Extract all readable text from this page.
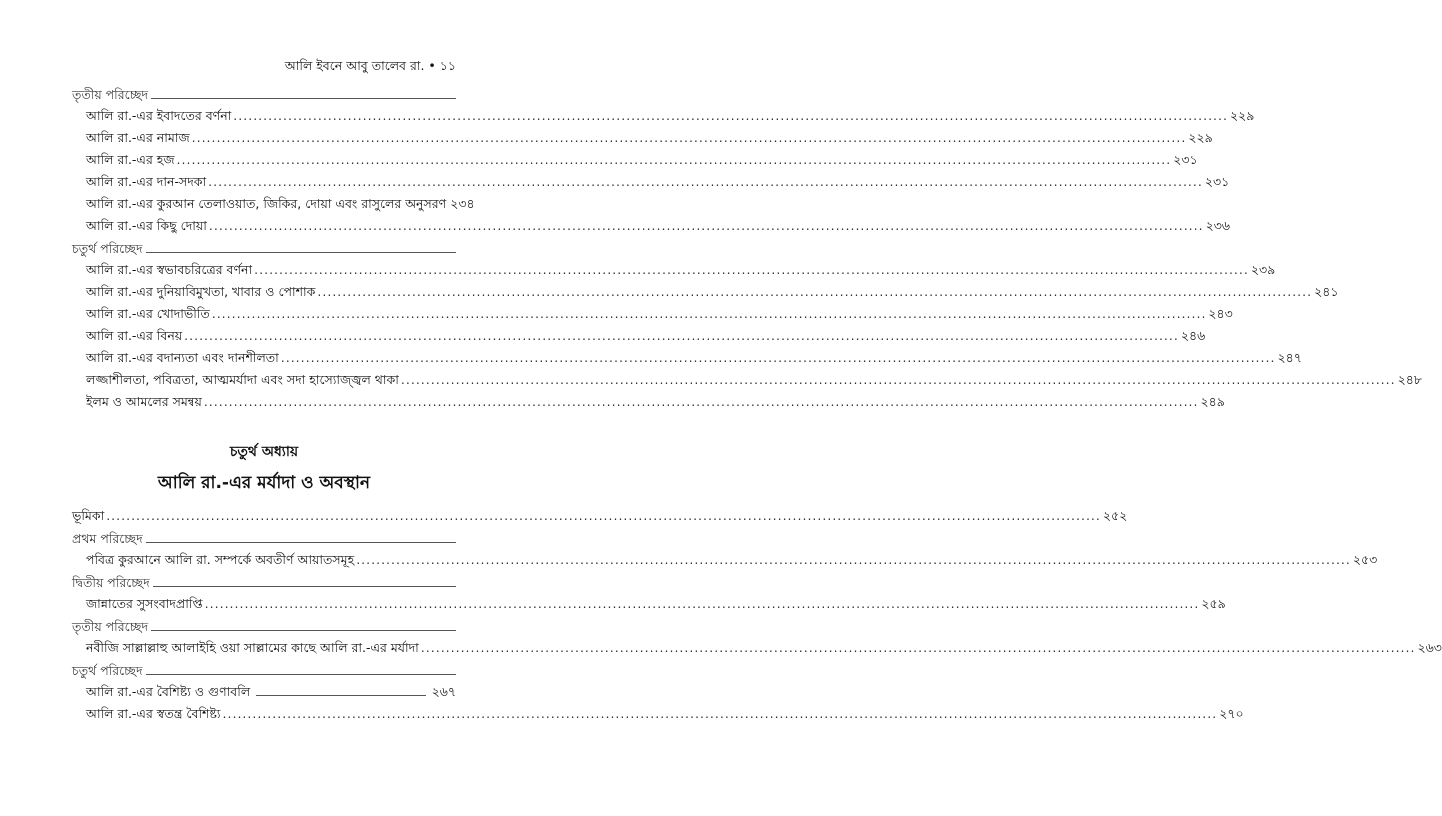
আলি ইবনে আবু তালেব রা. • ১১
তৃতীয় পরিচ্ছেদ
আলি রা.-এর ইবাদতের বর্ণনা ........................................................................................................................................................................................................ ২২৯
আলি রা.-এর নামাজ ........................................................................................................................................................................................................ ২২৯
আলি রা.-এর হজ ........................................................................................................................................................................................................ ২৩১
আলি রা.-এর দান-সদকা ........................................................................................................................................................................................................ ২৩১
আলি রা.-এর কুরআন তেলাওয়াত, জিকির, দোয়া এবং রাসুলের অনুসরণ ২৩৪
আলি রা.-এর কিছু দোয়া ........................................................................................................................................................................................................ ২৩৬
চতুর্থ পরিচ্ছেদ
আলি রা.-এর স্বভাবচরিত্রের বর্ণনা ........................................................................................................................................................................................................ ২৩৯
আলি রা.-এর দুনিয়াবিমুখতা, খাবার ও পোশাক ........................................................................................................................................................................................................ ২৪১
আলি রা.-এর খোদাভীতি ........................................................................................................................................................................................................ ২৪৩
আলি রা.-এর বিনয় ........................................................................................................................................................................................................ ২৪৬
আলি রা.-এর বদান্যতা এবং দানশীলতা ........................................................................................................................................................................................................ ২৪৭
লজ্জাশীলতা, পবিত্রতা, আত্মমর্যাদা এবং সদা হাস্যোজ্জ্বল থাকা ........................................................................................................................................................................................................ ২৪৮
ইলম ও আমলের সমন্বয় ........................................................................................................................................................................................................ ২৪৯
চতুর্থ অধ্যায়
আলি রা.-এর মর্যাদা ও অবস্থান
ভূমিকা ........................................................................................................................................................................................................ ২৫২
প্রথম পরিচ্ছেদ
পবিত্র কুরআনে আলি রা. সম্পর্কে অবতীর্ণ আয়াতসমূহ ........................................................................................................................................................................................................ ২৫৩
দ্বিতীয় পরিচ্ছেদ
জান্নাতের সুসংবাদপ্রাপ্তি ........................................................................................................................................................................................................ ২৫৯
তৃতীয় পরিচ্ছেদ
নবীজি সাল্লাল্লাহু আলাইহি ওয়া সাল্লামের কাছে আলি রা.-এর মর্যাদা ........................................................................................................................................................................................................ ২৬৩
চতুর্থ পরিচ্ছেদ
আলি রা.-এর বৈশিষ্ট্য ও গুণাবলি	২৬৭
আলি রা.-এর স্বতন্ত্র বৈশিষ্ট্য ........................................................................................................................................................................................................ ২৭০
